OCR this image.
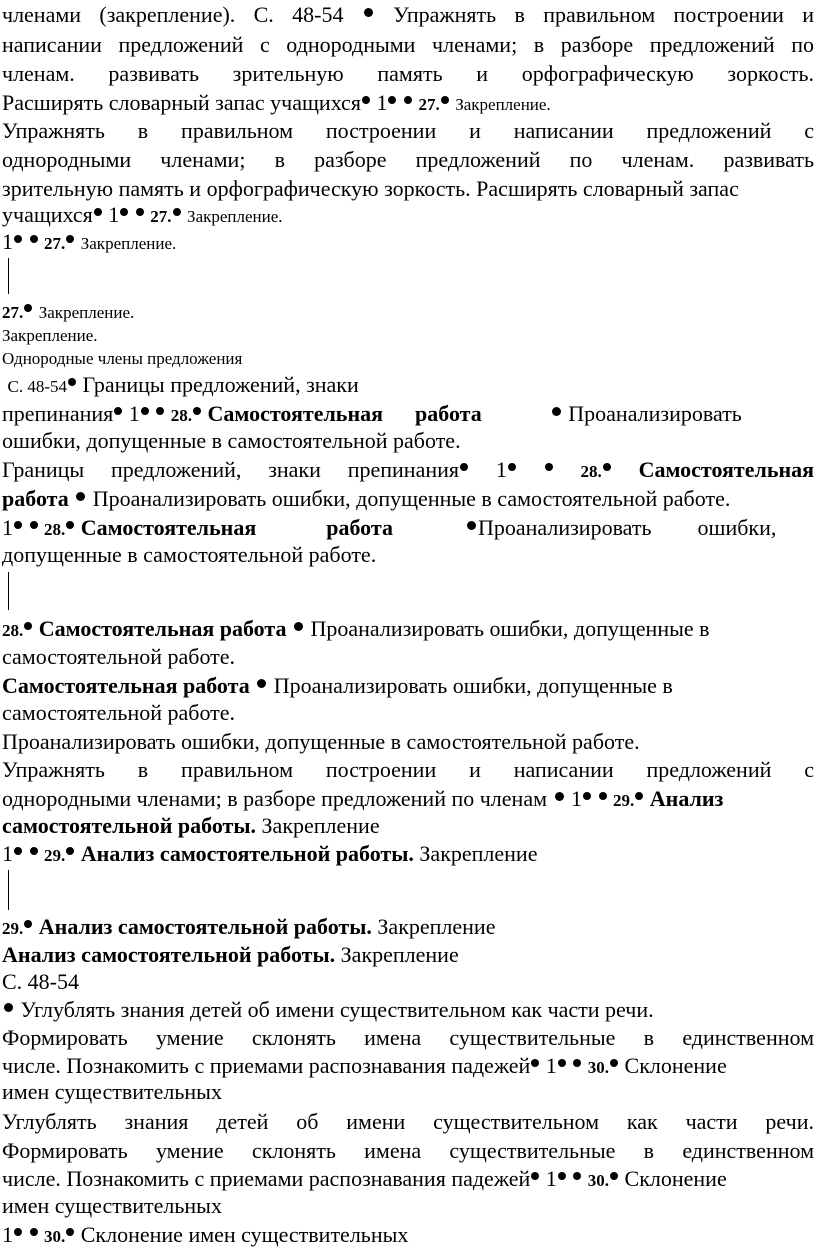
членами (закрепление). С. 48-54 Упражнять в правильном построении и
написании предложений с однородными членами; в разборе предложений по
членам. развивать зрительную память и орфографическую зоркость.
Расширять словарный запас учащихся 1 27. Закрепление.
Упражнять в правильном построении и написании предложений с
однородными членами; в разборе предложений по членам. развивать
зрительную память и орфографическую зоркость. Расширять словарный запас
учащихся 1 27. Закрепление.
1 27. Закрепление.
27. Закрепление.
Закрепление.
Однородные члены предложения
С. 48-54 Границы предложений, знаки
препинания 1 28. Самостоятельная работа	Проанализировать
ошибки, допущенные в самостоятельной работе.
Границы предложений, знаки препинания 1	28. Самостоятельная
работа Проанализировать ошибки, допущенные в самостоятельной работе.
1 28. Самостоятельная	работа	Проанализировать ошибки,
допущенные в самостоятельной работе.
28. Самостоятельная работа Проанализировать ошибки, допущенные в
самостоятельной работе.
Самостоятельная работа Проанализировать ошибки, допущенные в
самостоятельной работе.
Проанализировать ошибки, допущенные в самостоятельной работе.
Упражнять в правильном построении и написании предложений с
однородными членами; в разборе предложений по членам 1 29. Анализ
самостоятельной работы. Закрепление
1 29. Анализ самостоятельной работы. Закрепление
29. Анализ самостоятельной работы. Закрепление
Анализ самостоятельной работы. Закрепление
С. 48-54
Углублять знания детей об имени существительном как части речи.
Формировать умение склонять имена существительные в единственном
числе. Познакомить с приемами распознавания падежей 1 30. Склонение
имен существительных
Углублять знания детей об имени существительном как части речи.
Формировать умение склонять имена существительные в единственном
числе. Познакомить с приемами распознавания падежей 1 30. Склонение
имен существительных
1 30. Склонение имен существительных
